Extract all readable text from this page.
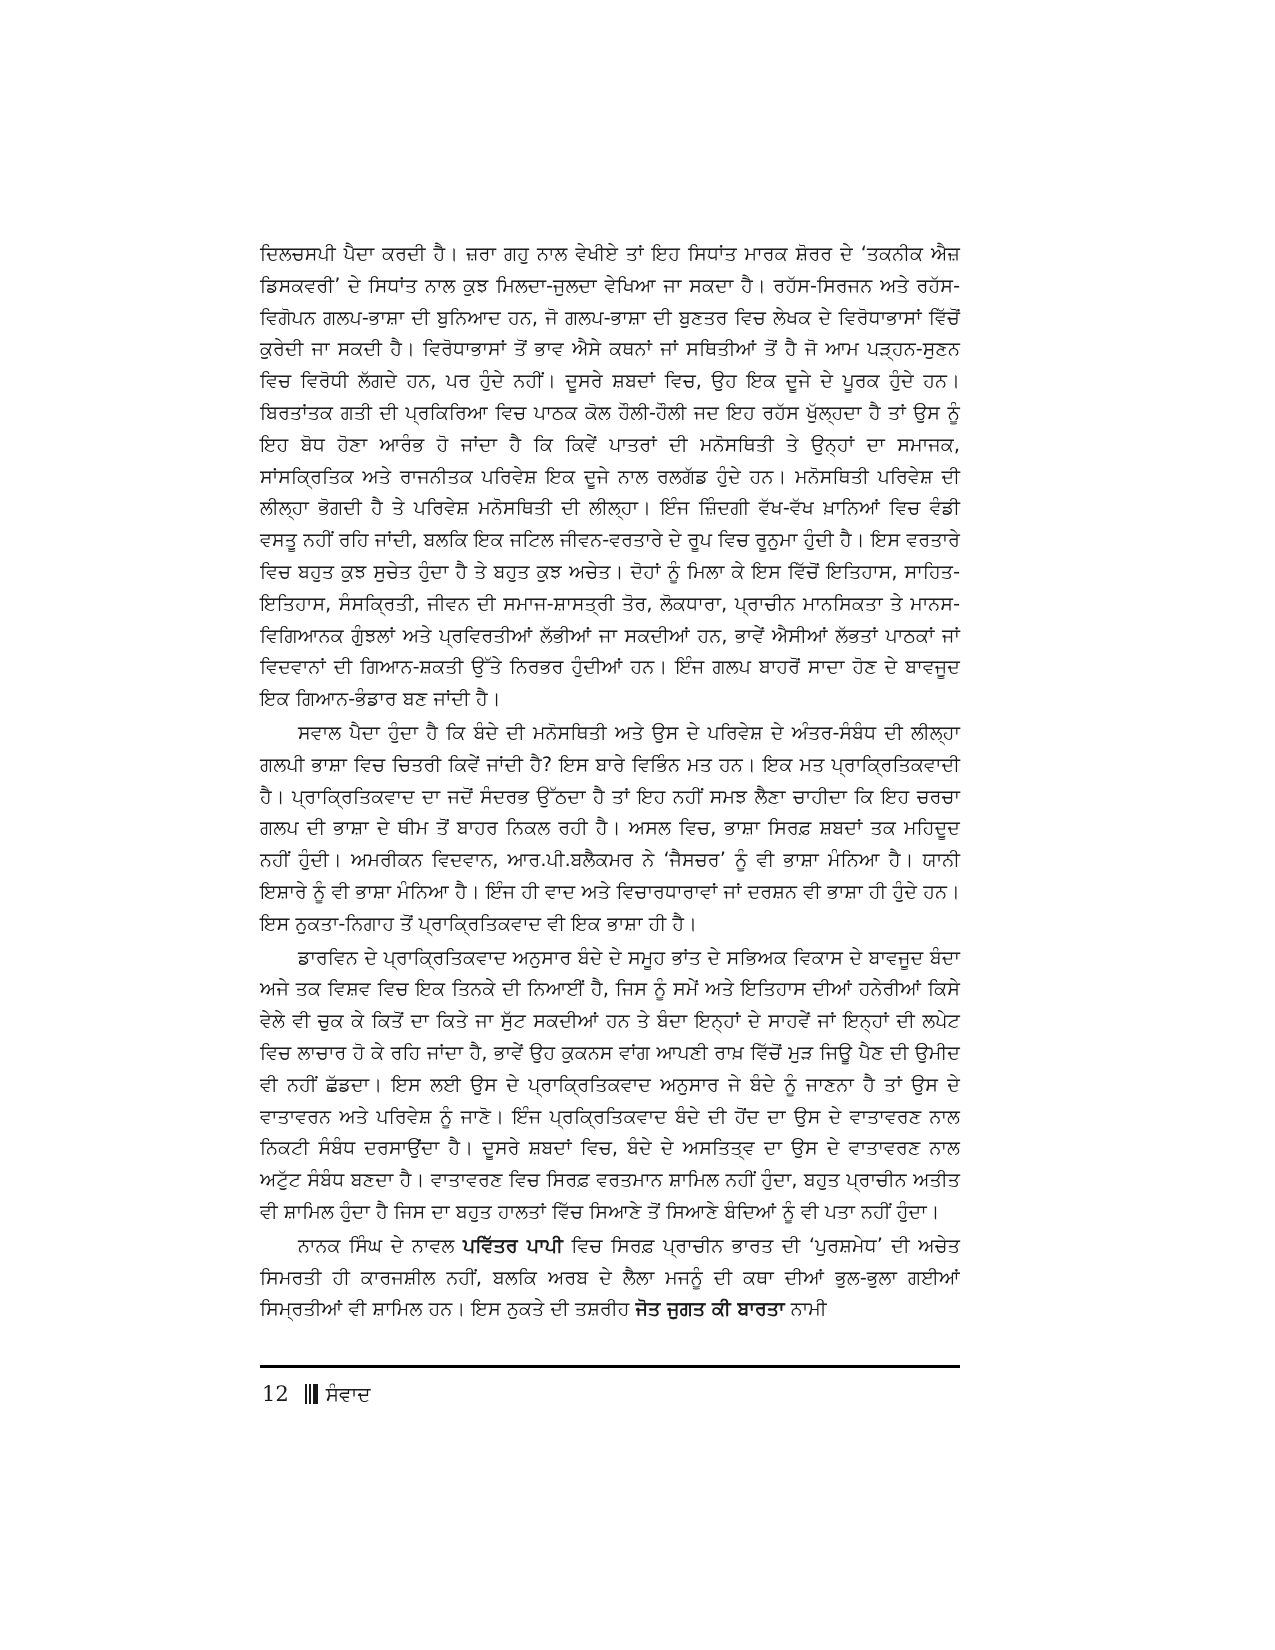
ਦਿਲਚਸਪੀ ਪੈਦਾ ਕਰਦੀ ਹੈ। ਜ਼ਰਾ ਗਹੁ ਨਾਲ ਵੇਖੀਏ ਤਾਂ ਇਹ ਸਿਧਾਂਤ ਮਾਰਕ ਸ਼ੋਰਰ ਦੇ ‘ਤਕਨੀਕ ਐਜ਼ ਡਿਸਕਵਰੀ’ ਦੇ ਸਿਧਾਂਤ ਨਾਲ ਕੁਝ ਮਿਲਦਾ-ਜੁਲਦਾ ਵੇਖਿਆ ਜਾ ਸਕਦਾ ਹੈ। ਰਹੱਸ-ਸਿਰਜਨ ਅਤੇ ਰਹੱਸ-ਵਿਗੋਪਨ ਗਲਪ-ਭਾਸ਼ਾ ਦੀ ਬੁਨਿਆਦ ਹਨ, ਜੋ ਗਲਪ-ਭਾਸ਼ਾ ਦੀ ਬੁਣਤਰ ਵਿਚ ਲੇਖਕ ਦੇ ਵਿਰੋਧਾਭਾਸਾਂ ਵਿੱਚੋਂ ਕੁਰੇਦੀ ਜਾ ਸਕਦੀ ਹੈ। ਵਿਰੋਧਾਭਾਸਾਂ ਤੋਂ ਭਾਵ ਐਸੇ ਕਥਨਾਂ ਜਾਂ ਸਥਿਤੀਆਂ ਤੋਂ ਹੈ ਜੋ ਆਮ ਪੜ੍ਹਨ-ਸੁਣਨ ਵਿਚ ਵਿਰੋਧੀ ਲੱਗਦੇ ਹਨ, ਪਰ ਹੁੰਦੇ ਨਹੀਂ। ਦੂਸਰੇ ਸ਼ਬਦਾਂ ਵਿਚ, ਉਹ ਇਕ ਦੂਜੇ ਦੇ ਪੂਰਕ ਹੁੰਦੇ ਹਨ। ਬਿਰਤਾਂਤਕ ਗਤੀ ਦੀ ਪ੍ਰਕਿਰਿਆ ਵਿਚ ਪਾਠਕ ਕੋਲ ਹੌਲੀ-ਹੌਲੀ ਜਦ ਇਹ ਰਹੱਸ ਖੁੱਲ੍ਹਦਾ ਹੈ ਤਾਂ ਉਸ ਨੂੰ ਇਹ ਬੋਧ ਹੋਣਾ ਆਰੰਭ ਹੋ ਜਾਂਦਾ ਹੈ ਕਿ ਕਿਵੇਂ ਪਾਤਰਾਂ ਦੀ ਮਨੋਸਥਿਤੀ ਤੇ ਉਨ੍ਹਾਂ ਦਾ ਸਮਾਜਕ, ਸਾਂਸਕ੍ਰਿਤਿਕ ਅਤੇ ਰਾਜਨੀਤਕ ਪਰਿਵੇਸ਼ ਇਕ ਦੂਜੇ ਨਾਲ ਰਲਗੱਡ ਹੁੰਦੇ ਹਨ। ਮਨੋਸਥਿਤੀ ਪਰਿਵੇਸ਼ ਦੀ ਲੀਲ੍ਹਾ ਭੋਗਦੀ ਹੈ ਤੇ ਪਰਿਵੇਸ਼ ਮਨੋਸਥਿਤੀ ਦੀ ਲੀਲ੍ਹਾ। ਇੰਜ ਜ਼ਿੰਦਗੀ ਵੱਖ-ਵੱਖ ਖ਼ਾਨਿਆਂ ਵਿਚ ਵੰਡੀ ਵਸਤੂ ਨਹੀਂ ਰਹਿ ਜਾਂਦੀ, ਬਲਕਿ ਇਕ ਜਟਿਲ ਜੀਵਨ-ਵਰਤਾਰੇ ਦੇ ਰੂਪ ਵਿਚ ਰੂਨੁਮਾ ਹੁੰਦੀ ਹੈ। ਇਸ ਵਰਤਾਰੇ ਵਿਚ ਬਹੁਤ ਕੁਝ ਸੁਚੇਤ ਹੁੰਦਾ ਹੈ ਤੇ ਬਹੁਤ ਕੁਝ ਅਚੇਤ। ਦੋਹਾਂ ਨੂੰ ਮਿਲਾ ਕੇ ਇਸ ਵਿੱਚੋਂ ਇਤਿਹਾਸ, ਸਾਹਿਤ-ਇਤਿਹਾਸ, ਸੰਸਕ੍ਰਿਤੀ, ਜੀਵਨ ਦੀ ਸਮਾਜ-ਸ਼ਾਸਤ੍ਰੀ ਤੋਰ, ਲੋਕਧਾਰਾ, ਪ੍ਰਾਚੀਨ ਮਾਨਸਿਕਤਾ ਤੇ ਮਾਨਸ-ਵਿਗਿਆਨਕ ਗੁੰਝਲਾਂ ਅਤੇ ਪ੍ਰਵਿਰਤੀਆਂ ਲੱਭੀਆਂ ਜਾ ਸਕਦੀਆਂ ਹਨ, ਭਾਵੇਂ ਐਸੀਆਂ ਲੱਭਤਾਂ ਪਾਠਕਾਂ ਜਾਂ ਵਿਦਵਾਨਾਂ ਦੀ ਗਿਆਨ-ਸ਼ਕਤੀ ਉੱਤੇ ਨਿਰਭਰ ਹੁੰਦੀਆਂ ਹਨ। ਇੰਜ ਗਲਪ ਬਾਹਰੋਂ ਸਾਦਾ ਹੋਣ ਦੇ ਬਾਵਜੂਦ ਇਕ ਗਿਆਨ-ਭੰਡਾਰ ਬਣ ਜਾਂਦੀ ਹੈ।

ਸਵਾਲ ਪੈਦਾ ਹੁੰਦਾ ਹੈ ਕਿ ਬੰਦੇ ਦੀ ਮਨੋਸਥਿਤੀ ਅਤੇ ਉਸ ਦੇ ਪਰਿਵੇਸ਼ ਦੇ ਅੰਤਰ-ਸੰਬੰਧ ਦੀ ਲੀਲ੍ਹਾ ਗਲਪੀ ਭਾਸ਼ਾ ਵਿਚ ਚਿਤਰੀ ਕਿਵੇਂ ਜਾਂਦੀ ਹੈ? ਇਸ ਬਾਰੇ ਵਿਭਿੰਨ ਮਤ ਹਨ। ਇਕ ਮਤ ਪ੍ਰਾਕ੍ਰਿਤਿਕਵਾਦੀ ਹੈ। ਪ੍ਰਾਕ੍ਰਿਤਿਕਵਾਦ ਦਾ ਜਦੋਂ ਸੰਦਰਭ ਉੱਠਦਾ ਹੈ ਤਾਂ ਇਹ ਨਹੀਂ ਸਮਝ ਲੈਣਾ ਚਾਹੀਦਾ ਕਿ ਇਹ ਚਰਚਾ ਗਲਪ ਦੀ ਭਾਸ਼ਾ ਦੇ ਥੀਮ ਤੋਂ ਬਾਹਰ ਨਿਕਲ ਰਹੀ ਹੈ। ਅਸਲ ਵਿਚ, ਭਾਸ਼ਾ ਸਿਰਫ਼ ਸ਼ਬਦਾਂ ਤਕ ਮਹਿਦੂਦ ਨਹੀਂ ਹੁੰਦੀ। ਅਮਰੀਕਨ ਵਿਦਵਾਨ, ਆਰ.ਪੀ.ਬਲੈਕਮਰ ਨੇ ‘ਜੈਸਚਰ’ ਨੂੰ ਵੀ ਭਾਸ਼ਾ ਮੰਨਿਆ ਹੈ। ਯਾਨੀ ਇਸ਼ਾਰੇ ਨੂੰ ਵੀ ਭਾਸ਼ਾ ਮੰਨਿਆ ਹੈ। ਇੰਜ ਹੀ ਵਾਦ ਅਤੇ ਵਿਚਾਰਧਾਰਾਵਾਂ ਜਾਂ ਦਰਸ਼ਨ ਵੀ ਭਾਸ਼ਾ ਹੀ ਹੁੰਦੇ ਹਨ। ਇਸ ਨੁਕਤਾ-ਨਿਗਾਹ ਤੋਂ ਪ੍ਰਾਕ੍ਰਿਤਿਕਵਾਦ ਵੀ ਇਕ ਭਾਸ਼ਾ ਹੀ ਹੈ।

ਡਾਰਵਿਨ ਦੇ ਪ੍ਰਾਕ੍ਰਿਤਿਕਵਾਦ ਅਨੁਸਾਰ ਬੰਦੇ ਦੇ ਸਮੂਹ ਭਾਂਤ ਦੇ ਸਭਿਅਕ ਵਿਕਾਸ ਦੇ ਬਾਵਜੂਦ ਬੰਦਾ ਅਜੇ ਤਕ ਵਿਸ਼ਵ ਵਿਚ ਇਕ ਤਿਨਕੇ ਦੀ ਨਿਆਈਂ ਹੈ, ਜਿਸ ਨੂੰ ਸਮੇਂ ਅਤੇ ਇਤਿਹਾਸ ਦੀਆਂ ਹਨੇਰੀਆਂ ਕਿਸੇ ਵੇਲੇ ਵੀ ਚੁਕ ਕੇ ਕਿਤੋਂ ਦਾ ਕਿਤੇ ਜਾ ਸੁੱਟ ਸਕਦੀਆਂ ਹਨ ਤੇ ਬੰਦਾ ਇਨ੍ਹਾਂ ਦੇ ਸਾਹਵੇਂ ਜਾਂ ਇਨ੍ਹਾਂ ਦੀ ਲਪੇਟ ਵਿਚ ਲਾਚਾਰ ਹੋ ਕੇ ਰਹਿ ਜਾਂਦਾ ਹੈ, ਭਾਵੇਂ ਉਹ ਕੁਕਨਸ ਵਾਂਗ ਆਪਣੀ ਰਾਖ਼ ਵਿੱਚੋਂ ਮੁੜ ਜਿਊ ਪੈਣ ਦੀ ਉਮੀਦ ਵੀ ਨਹੀਂ ਛੱਡਦਾ। ਇਸ ਲਈ ਉਸ ਦੇ ਪ੍ਰਾਕ੍ਰਿਤਿਕਵਾਦ ਅਨੁਸਾਰ ਜੇ ਬੰਦੇ ਨੂੰ ਜਾਣਨਾ ਹੈ ਤਾਂ ਉਸ ਦੇ ਵਾਤਾਵਰਨ ਅਤੇ ਪਰਿਵੇਸ਼ ਨੂੰ ਜਾਣੋ। ਇੰਜ ਪ੍ਰਕ੍ਰਿਤਿਕਵਾਦ ਬੰਦੇ ਦੀ ਹੋਂਦ ਦਾ ਉਸ ਦੇ ਵਾਤਾਵਰਣ ਨਾਲ ਨਿਕਟੀ ਸੰਬੰਧ ਦਰਸਾਉਂਦਾ ਹੈ। ਦੂਸਰੇ ਸ਼ਬਦਾਂ ਵਿਚ, ਬੰਦੇ ਦੇ ਅਸਤਿਤ੍ਵ ਦਾ ਉਸ ਦੇ ਵਾਤਾਵਰਣ ਨਾਲ ਅਟੁੱਟ ਸੰਬੰਧ ਬਣਦਾ ਹੈ। ਵਾਤਾਵਰਣ ਵਿਚ ਸਿਰਫ਼ ਵਰਤਮਾਨ ਸ਼ਾਮਿਲ ਨਹੀਂ ਹੁੰਦਾ, ਬਹੁਤ ਪ੍ਰਾਚੀਨ ਅਤੀਤ ਵੀ ਸ਼ਾਮਿਲ ਹੁੰਦਾ ਹੈ ਜਿਸ ਦਾ ਬਹੁਤ ਹਾਲਤਾਂ ਵਿੱਚ ਸਿਆਣੇ ਤੋਂ ਸਿਆਣੇ ਬੰਦਿਆਂ ਨੂੰ ਵੀ ਪਤਾ ਨਹੀਂ ਹੁੰਦਾ।

ਨਾਨਕ ਸਿੰਘ ਦੇ ਨਾਵਲ ਪਵਿੱਤਰ ਪਾਪੀ ਵਿਚ ਸਿਰਫ਼ ਪ੍ਰਾਚੀਨ ਭਾਰਤ ਦੀ ‘ਪੁਰਸ਼ਮੇਧ’ ਦੀ ਅਚੇਤ ਸਿਮਰਤੀ ਹੀ ਕਾਰਜਸ਼ੀਲ ਨਹੀਂ, ਬਲਕਿ ਅਰਬ ਦੇ ਲੈਲਾ ਮਜਨੂੰ ਦੀ ਕਥਾ ਦੀਆਂ ਭੁਲ-ਭੁਲਾ ਗਈਆਂ ਸਿਮ੍ਰਤੀਆਂ ਵੀ ਸ਼ਾਮਿਲ ਹਨ। ਇਸ ਨੁਕਤੇ ਦੀ ਤਸ਼ਰੀਹ ਜੋਤ ਜੁਗਤ ਕੀ ਬਾਰਤਾ ਨਾਮੀ

12 ਸੰਵਾਦ
